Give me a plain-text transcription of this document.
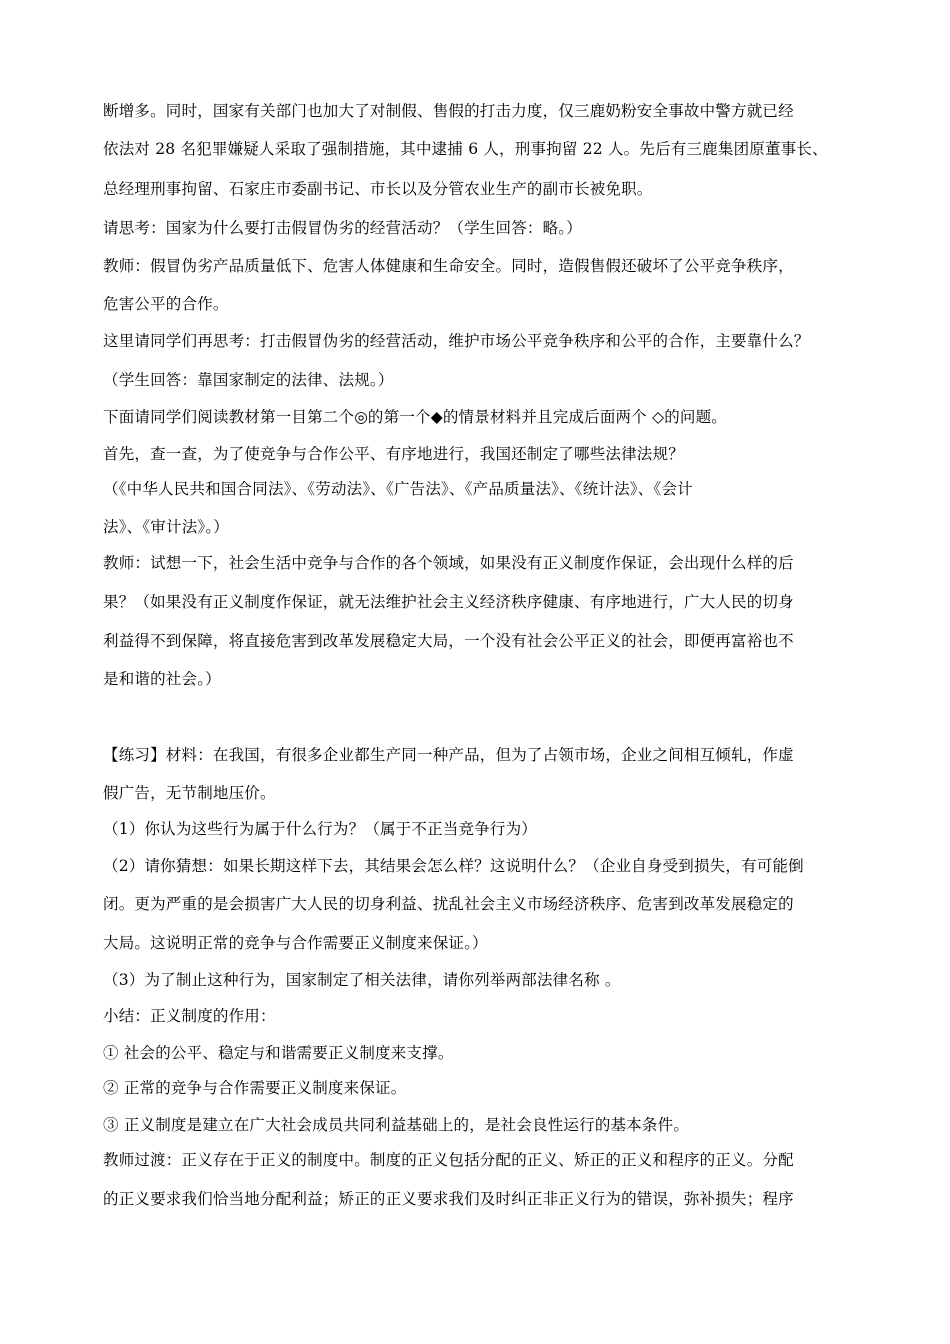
断增多。同时，国家有关部门也加大了对制假、售假的打击力度，仅三鹿奶粉安全事故中警方就已经
依法对 28 名犯罪嫌疑人采取了强制措施，其中逮捕 6 人，刑事拘留 22 人。先后有三鹿集团原董事长、
总经理刑事拘留、石家庄市委副书记、市长以及分管农业生产的副市长被免职。
请思考：国家为什么要打击假冒伪劣的经营活动？（学生回答：略。）
教师：假冒伪劣产品质量低下、危害人体健康和生命安全。同时，造假售假还破坏了公平竞争秩序，
危害公平的合作。
这里请同学们再思考：打击假冒伪劣的经营活动，维护市场公平竞争秩序和公平的合作，主要靠什么？
（学生回答：靠国家制定的法律、法规。）
下面请同学们阅读教材第一目第二个◎的第一个◆的情景材料并且完成后面两个 ◇的问题。
首先，查一查，为了使竞争与合作公平、有序地进行，我国还制定了哪些法律法规？
（《中华人民共和国合同法》、《劳动法》、《广告法》、《产品质量法》、《统计法》、《会计
法》、《审计法》。）
教师：试想一下，社会生活中竞争与合作的各个领域，如果没有正义制度作保证，会出现什么样的后
果？（如果没有正义制度作保证，就无法维护社会主义经济秩序健康、有序地进行，广大人民的切身
利益得不到保障，将直接危害到改革发展稳定大局，一个没有社会公平正义的社会，即便再富裕也不
是和谐的社会。）
【练习】材料：在我国，有很多企业都生产同一种产品，但为了占领市场，企业之间相互倾轧，作虚
假广告，无节制地压价。
（1）你认为这些行为属于什么行为？（属于不正当竞争行为）
（2）请你猜想：如果长期这样下去，其结果会怎么样？这说明什么？（企业自身受到损失，有可能倒
闭。更为严重的是会损害广大人民的切身利益、扰乱社会主义市场经济秩序、危害到改革发展稳定的
大局。这说明正常的竞争与合作需要正义制度来保证。）
（3）为了制止这种行为，国家制定了相关法律，请你列举两部法律名称 。
小结：正义制度的作用：
① 社会的公平、稳定与和谐需要正义制度来支撑。
② 正常的竞争与合作需要正义制度来保证。
③ 正义制度是建立在广大社会成员共同利益基础上的，是社会良性运行的基本条件。
教师过渡：正义存在于正义的制度中。制度的正义包括分配的正义、矫正的正义和程序的正义。分配
的正义要求我们恰当地分配利益；矫正的正义要求我们及时纠正非正义行为的错误，弥补损失；程序
